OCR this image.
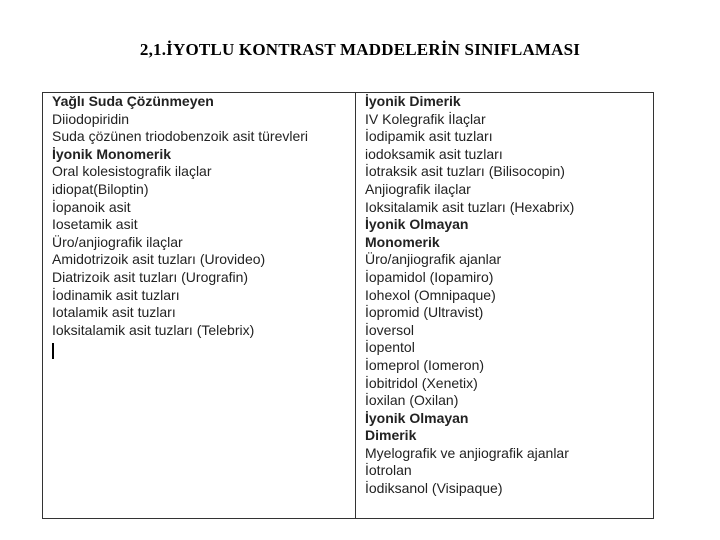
2,1.İYOTLU KONTRAST MADDELERİN SINIFLAMASI
Yağlı Suda Çözünmeyen
Diiodopiridin
Suda çözünen triodobenzoik asit türevleri
İyonik Monomerik
Oral kolesistografik ilaçlar
idiopat(Biloptin)
İopanoik asit
Iosetamik asit
Üro/anjiografik ilaçlar
Amidotrizoik asit tuzları (Urovideo)
Diatrizoik asit tuzları (Urografin)
İodinamik asit tuzları
Iotalamik asit tuzları
Ioksitalamik asit tuzları (Telebrix)
İyonik Dimerik
IV Kolegrafik İlaçlar
İodipamik asit tuzları
iodoksamik asit tuzları
İotraksik asit tuzları (Bilisocopin)
Anjiografik ilaçlar
Ioksitalamik asit tuzları (Hexabrix)
İyonik Olmayan
Monomerik
Üro/anjiografik ajanlar
İopamidol (Iopamiro)
Iohexol (Omnipaque)
İopromid (Ultravist)
İoversol
İopentol
İomeprol (Iomeron)
İobitridol (Xenetix)
İoxilan (Oxilan)
İyonik Olmayan
Dimerik
Myelografik ve anjiografik ajanlar
İotrolan
İodiksanol (Visipaque)
